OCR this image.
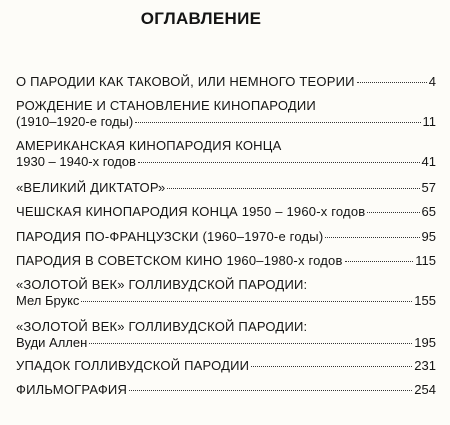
ОГЛАВЛЕНИЕ
О ПАРОДИИ КАК ТАКОВОЙ, ИЛИ НЕМНОГО ТЕОРИИ	4
РОЖДЕНИЕ И СТАНОВЛЕНИЕ КИНОПАРОДИИ
(1910–1920-е годы)	11
АМЕРИКАНСКАЯ КИНОПАРОДИЯ КОНЦА
1930 – 1940-х годов	41
«ВЕЛИКИЙ ДИКТАТОР»	57
ЧЕШСКАЯ КИНОПАРОДИЯ КОНЦА 1950 – 1960-х годов	65
ПАРОДИЯ ПО-ФРАНЦУЗСКИ (1960–1970-е годы)	95
ПАРОДИЯ В СОВЕТСКОМ КИНО 1960–1980-х годов	115
«ЗОЛОТОЙ ВЕК» ГОЛЛИВУДСКОЙ ПАРОДИИ:
Мел Брукс	155
«ЗОЛОТОЙ ВЕК» ГОЛЛИВУДСКОЙ ПАРОДИИ:
Вуди Аллен	195
УПАДОК ГОЛЛИВУДСКОЙ ПАРОДИИ	231
ФИЛЬМОГРАФИЯ	254
